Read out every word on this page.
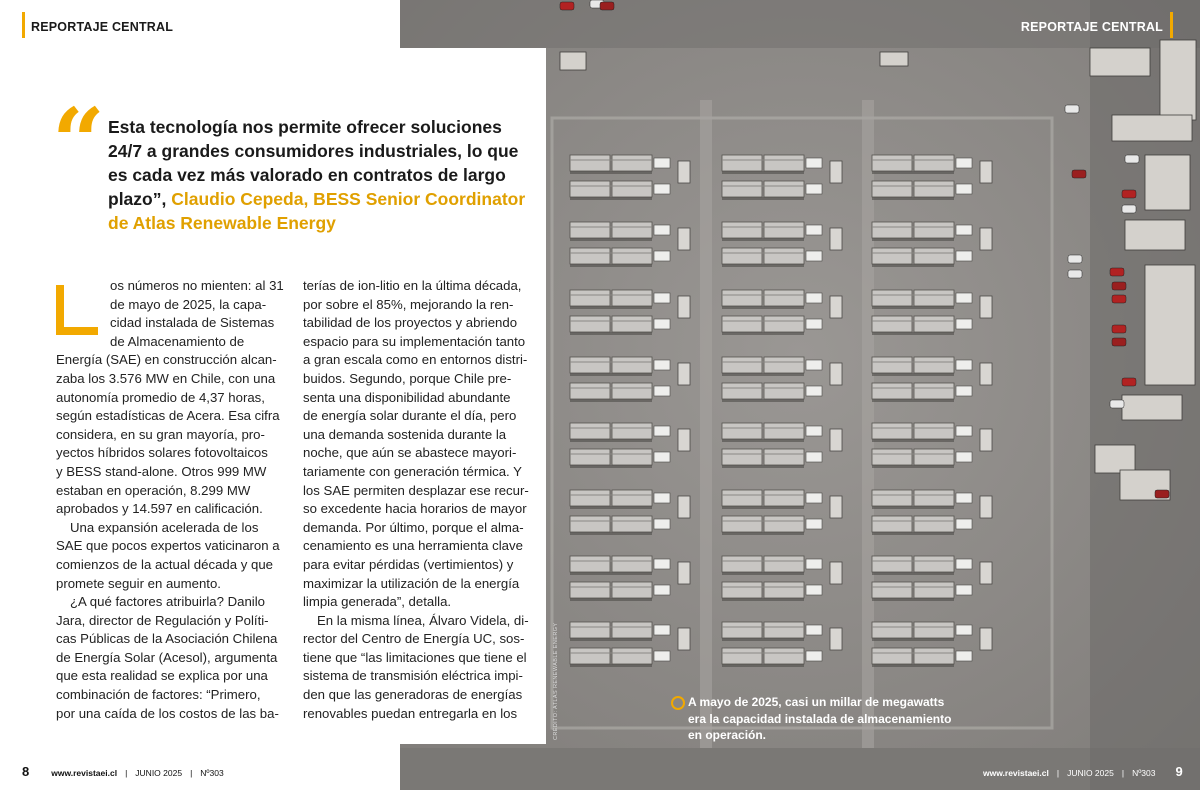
REPORTAJE CENTRAL	REPORTAJE CENTRAL
“ Esta tecnología nos permite ofrecer soluciones 24/7 a grandes consumidores industriales, lo que es cada vez más valorado en contratos de largo plazo”, Claudio Cepeda, BESS Senior Coordinator de Atlas Renewable Energy

os números no mienten: al 31
de mayo de 2025, la capa-
cidad instalada de Sistemas
de Almacenamiento de
Energía (SAE) en construcción alcan-
zaba los 3.576 MW en Chile, con una
autonomía promedio de 4,37 horas,
según estadísticas de Acera. Esa cifra
considera, en su gran mayoría, pro-
yectos híbridos solares fotovoltaicos
y BESS stand-alone. Otros 999 MW
estaban en operación, 8.299 MW
aprobados y 14.597 en calificación.

Una expansión acelerada de los
SAE que pocos expertos vaticinaron a
comienzos de la actual década y que
promete seguir en aumento.

¿A qué factores atribuirla? Danilo
Jara, director de Regulación y Políti-
cas Públicas de la Asociación Chilena
de Energía Solar (Acesol), argumenta
que esta realidad se explica por una
combinación de factores: “Primero,
por una caída de los costos de las ba-

terías de ion-litio en la última década,
por sobre el 85%, mejorando la ren-
tabilidad de los proyectos y abriendo
espacio para su implementación tanto
a gran escala como en entornos distri-
buidos. Segundo, porque Chile pre-
senta una disponibilidad abundante
de energía solar durante el día, pero
una demanda sostenida durante la
noche, que aún se abastece mayori-
tariamente con generación térmica. Y
los SAE permiten desplazar ese recur-
so excedente hacia horarios de mayor
demanda. Por último, porque el alma-
cenamiento es una herramienta clave
para evitar pérdidas (vertimientos) y
maximizar la utilización de la energía
limpia generada”, detalla.

En la misma línea, Álvaro Videla, di-
rector del Centro de Energía UC, sos-
tiene que “las limitaciones que tiene el
sistema de transmisión eléctrica impi-
den que las generadoras de energías
renovables puedan entregarla en los	CRÉDITO: ATLAS RENEWABLE ENERGY	A mayo de 2025, casi un millar de megawatts era la capacidad instalada de almacenamiento en operación.
8	www.revistaei.cl | JUNIO 2025 | Nº303	www.revistaei.cl | JUNIO 2025 | Nº303 9
